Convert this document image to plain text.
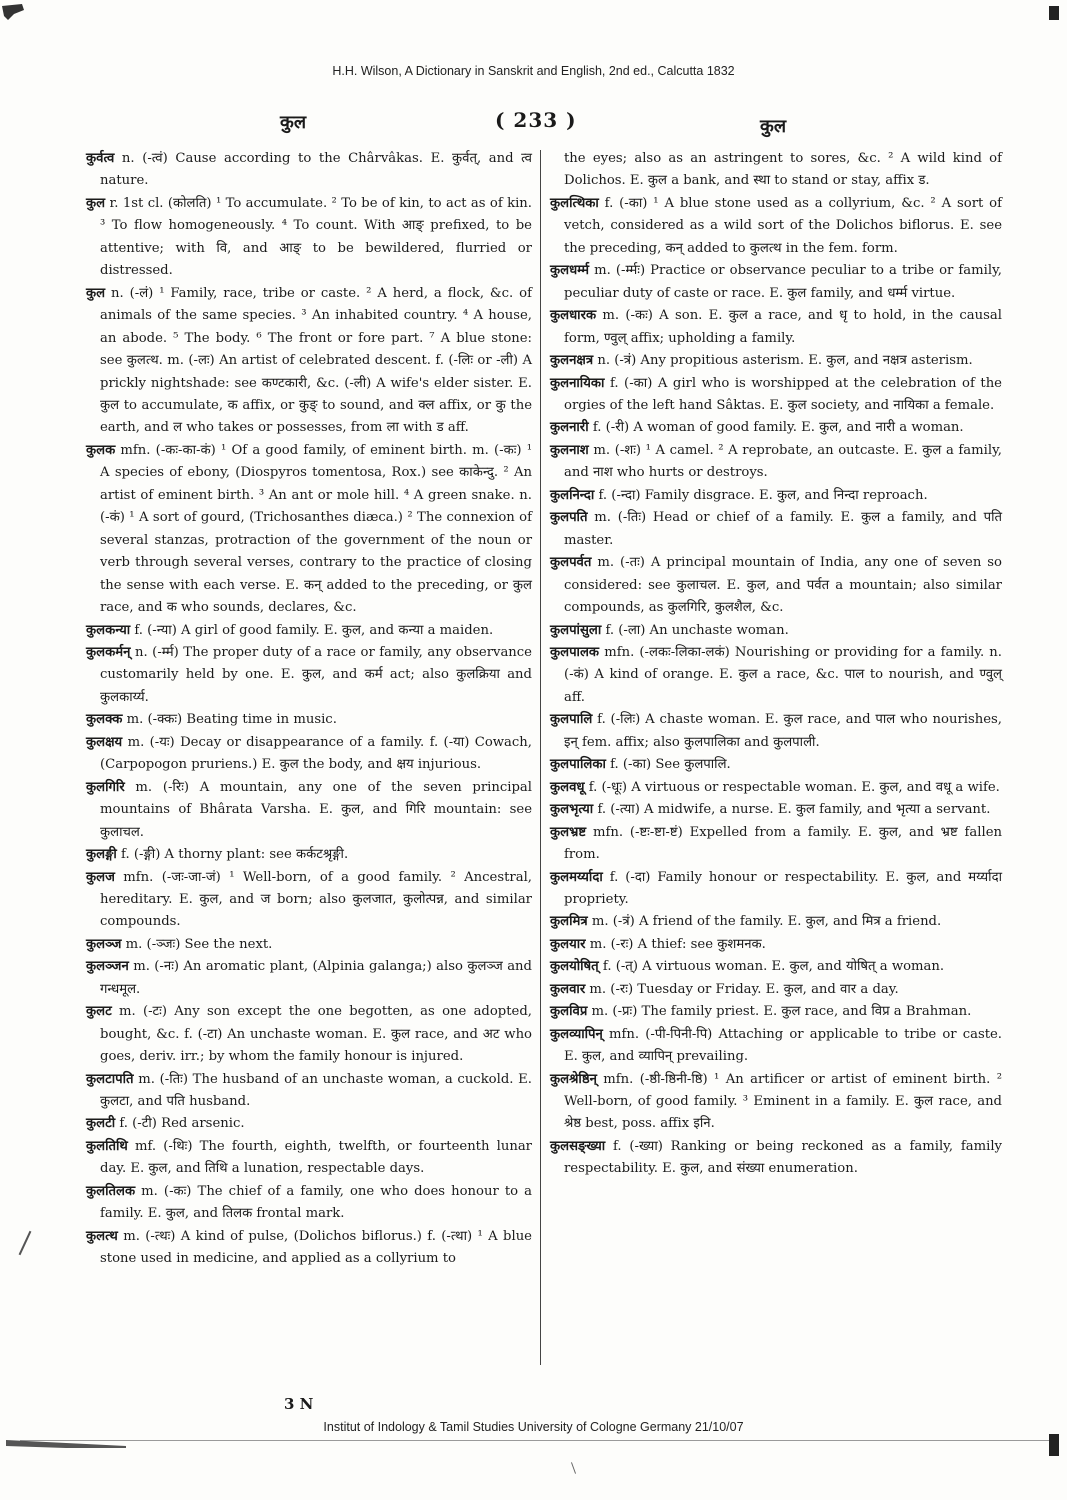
H.H. Wilson, A Dictionary in Sanskrit and English, 2nd ed., Calcutta 1832
कुल	( 233 )	कुल

कुर्वत्व n. (-त्वं) Cause according to the Chârvâkas. E. कुर्वत्, and त्व nature.

कुल r. 1st cl. (कोलति) ¹ To accumulate. ² To be of kin, to act as of kin. ³ To flow homogeneously. ⁴ To count. With आङ् prefixed, to be attentive; with वि, and आङ् to be bewildered, flurried or distressed.

कुल n. (-लं) ¹ Family, race, tribe or caste. ² A herd, a flock, &c. of animals of the same species. ³ An inhabited country. ⁴ A house, an abode. ⁵ The body. ⁶ The front or fore part. ⁷ A blue stone: see कुलत्थ. m. (-लः) An artist of celebrated descent. f. (-लिः or -ली) A prickly nightshade: see कण्टकारी, &c. (-ली) A wife's elder sister. E. कुल to accumulate, क affix, or कुङ् to sound, and क्ल affix, or कु the earth, and ल who takes or possesses, from ला with ड aff.

कुलक mfn. (-कः-का-कं) ¹ Of a good family, of eminent birth. m. (-कः) ¹ A species of ebony, (Diospyros tomentosa, Rox.) see काकेन्दु. ² An artist of eminent birth. ³ An ant or mole hill. ⁴ A green snake. n. (-कं) ¹ A sort of gourd, (Trichosanthes diæca.) ² The connexion of several stanzas, protraction of the government of the noun or verb through several verses, contrary to the practice of closing the sense with each verse. E. कन् added to the preceding, or कुल race, and क who sounds, declares, &c.

कुलकन्या f. (-न्या) A girl of good family. E. कुल, and कन्या a maiden.

कुलकर्मन् n. (-र्म्म) The proper duty of a race or family, any observance customarily held by one. E. कुल, and कर्म act; also कुलक्रिया and कुलकार्य्य.

कुलक्क m. (-क्कः) Beating time in music.

कुलक्षय m. (-यः) Decay or disappearance of a family. f. (-या) Cowach, (Carpopogon pruriens.) E. कुल the body, and क्षय injurious.

कुलगिरि m. (-रिः) A mountain, any one of the seven principal mountains of Bhârata Varsha. E. कुल, and गिरि mountain: see कुलाचल.

कुलङ्गी f. (-ङ्गी) A thorny plant: see कर्कटश्रृङ्गी.

कुलज mfn. (-जः-जा-जं) ¹ Well-born, of a good family. ² Ancestral, hereditary. E. कुल, and ज born; also कुलजात, कुलोत्पन्न, and similar compounds.

कुलञ्ज m. (-ञ्जः) See the next.

कुलञ्जन m. (-नः) An aromatic plant, (Alpinia galanga;) also कुलञ्ज and गन्धमूल.

कुलट m. (-टः) Any son except the one begotten, as one adopted, bought, &c. f. (-टा) An unchaste woman. E. कुल race, and अट who goes, deriv. irr.; by whom the family honour is injured.

कुलटापति m. (-तिः) The husband of an unchaste woman, a cuckold. E. कुलटा, and पति husband.

कुलटी f. (-टी) Red arsenic.

कुलतिथि mf. (-थिः) The fourth, eighth, twelfth, or fourteenth lunar day. E. कुल, and तिथि a lunation, respectable days.

कुलतिलक m. (-कः) The chief of a family, one who does honour to a family. E. कुल, and तिलक frontal mark.

कुलत्थ m. (-त्थः) A kind of pulse, (Dolichos biflorus.) f. (-त्था) ¹ A blue stone used in medicine, and applied as a collyrium to

the eyes; also as an astringent to sores, &c. ² A wild kind of Dolichos. E. कुल a bank, and स्था to stand or stay, affix ड.

कुलत्थिका f. (-का) ¹ A blue stone used as a collyrium, &c. ² A sort of vetch, considered as a wild sort of the Dolichos biflorus. E. see the preceding, कन् added to कुलत्थ in the fem. form.

कुलधर्म्म m. (-र्म्मः) Practice or observance peculiar to a tribe or family, peculiar duty of caste or race. E. कुल family, and धर्म्म virtue.

कुलधारक m. (-कः) A son. E. कुल a race, and धृ to hold, in the causal form, ण्वुल् affix; upholding a family.

कुलनक्षत्र n. (-त्रं) Any propitious asterism. E. कुल, and नक्षत्र asterism.

कुलनायिका f. (-का) A girl who is worshipped at the celebration of the orgies of the left hand Sâktas. E. कुल society, and नायिका a female.

कुलनारी f. (-री) A woman of good family. E. कुल, and नारी a woman.

कुलनाश m. (-शः) ¹ A camel. ² A reprobate, an outcaste. E. कुल a family, and नाश who hurts or destroys.

कुलनिन्दा f. (-न्दा) Family disgrace. E. कुल, and निन्दा reproach.

कुलपति m. (-तिः) Head or chief of a family. E. कुल a family, and पति master.

कुलपर्वत m. (-तः) A principal mountain of India, any one of seven so considered: see कुलाचल. E. कुल, and पर्वत a mountain; also similar compounds, as कुलगिरि, कुलशैल, &c.

कुलपांसुला f. (-ला) An unchaste woman.

कुलपालक mfn. (-लकः-लिका-लकं) Nourishing or providing for a family. n. (-कं) A kind of orange. E. कुल a race, &c. पाल to nourish, and ण्वुल् aff.

कुलपालि f. (-लिः) A chaste woman. E. कुल race, and पाल who nourishes, इन् fem. affix; also कुलपालिका and कुलपाली.

कुलपालिका f. (-का) See कुलपालि.

कुलवधू f. (-धूः) A virtuous or respectable woman. E. कुल, and वधू a wife.

कुलभृत्या f. (-त्या) A midwife, a nurse. E. कुल family, and भृत्या a servant.

कुलभ्रष्ट mfn. (-ष्टः-ष्टा-ष्टं) Expelled from a family. E. कुल, and भ्रष्ट fallen from.

कुलमर्य्यादा f. (-दा) Family honour or respectability. E. कुल, and मर्य्यादा propriety.

कुलमित्र m. (-त्रं) A friend of the family. E. कुल, and मित्र a friend.

कुलयार m. (-रः) A thief: see कुशमनक.

कुलयोषित् f. (-त्) A virtuous woman. E. कुल, and योषित् a woman.

कुलवार m. (-रः) Tuesday or Friday. E. कुल, and वार a day.

कुलविप्र m. (-प्रः) The family priest. E. कुल race, and विप्र a Brahman.

कुलव्यापिन् mfn. (-पी-पिनी-पि) Attaching or applicable to tribe or caste. E. कुल, and व्यापिन् prevailing.

कुलश्रेष्ठिन् mfn. (-ष्ठी-ष्ठिनी-ष्ठि) ¹ An artificer or artist of eminent birth. ² Well-born, of good family. ³ Eminent in a family. E. कुल race, and श्रेष्ठ best, poss. affix इनि.

कुलसङ्ख्या f. (-ख्या) Ranking or being reckoned as a family, family respectability. E. कुल, and संख्या enumeration.

3 N
Institut of Indology & Tamil Studies University of Cologne Germany 21/10/07
